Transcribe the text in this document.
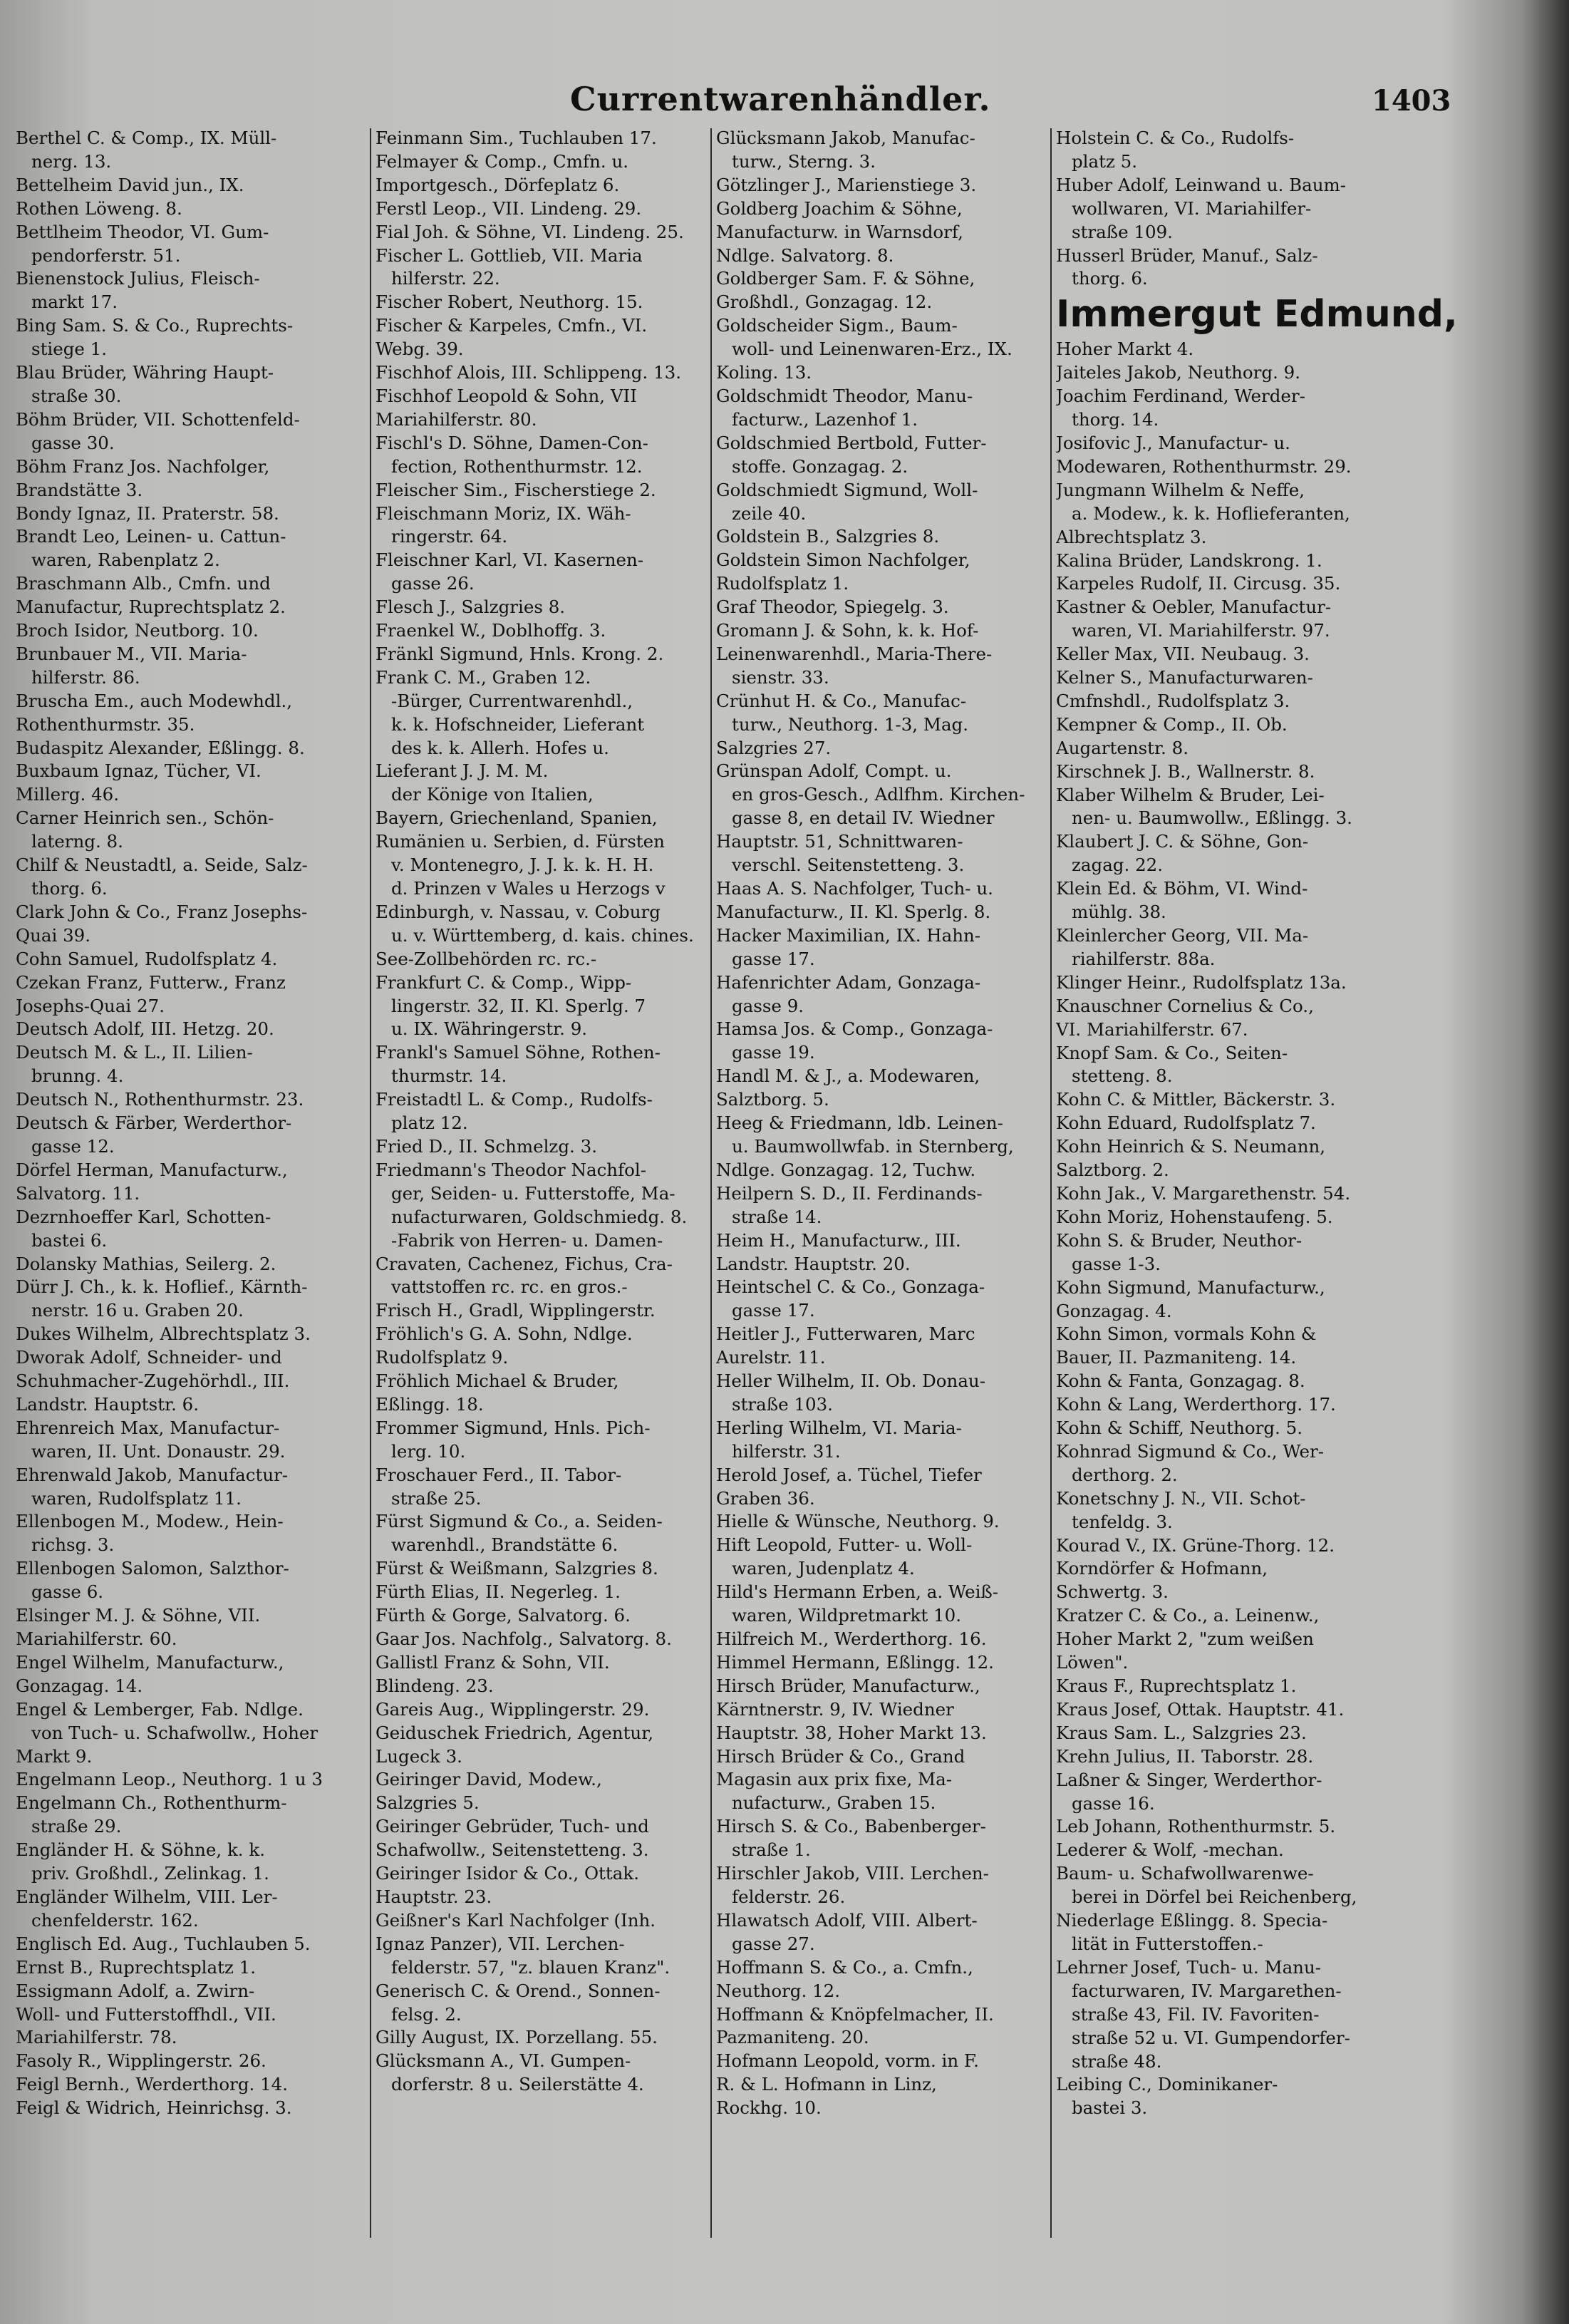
Currentwarenhändler.	1403
Berthel C. & Comp., IX. Müll-
nerg. 13.
Bettelheim David jun., IX.
Rothen Löweng. 8.
Bettlheim Theodor, VI. Gum-
pendorferstr. 51.
Bienenstock Julius, Fleisch-
markt 17.
Bing Sam. S. & Co., Ruprechts-
stiege 1.
Blau Brüder, Währing Haupt-
straße 30.
Böhm Brüder, VII. Schottenfeld-
gasse 30.
Böhm Franz Jos. Nachfolger,
Brandstätte 3.
Bondy Ignaz, II. Praterstr. 58.
Brandt Leo, Leinen- u. Cattun-
waren, Rabenplatz 2.
Braschmann Alb., Cmfn. und
Manufactur, Ruprechtsplatz 2.
Broch Isidor, Neutborg. 10.
Brunbauer M., VII. Maria-
hilferstr. 86.
Bruscha Em., auch Modewhdl.,
Rothenthurmstr. 35.
Budaspitz Alexander, Eßlingg. 8.
Buxbaum Ignaz, Tücher, VI.
Millerg. 46.
Carner Heinrich sen., Schön-
laterng. 8.
Chilf & Neustadtl, a. Seide, Salz-
thorg. 6.
Clark John & Co., Franz Josephs-
Quai 39.
Cohn Samuel, Rudolfsplatz 4.
Czekan Franz, Futterw., Franz
Josephs-Quai 27.
Deutsch Adolf, III. Hetzg. 20.
Deutsch M. & L., II. Lilien-
brunng. 4.
Deutsch N., Rothenthurmstr. 23.
Deutsch & Färber, Werderthor-
gasse 12.
Dörfel Herman, Manufacturw.,
Salvatorg. 11.
Dezrnhoeffer Karl, Schotten-
bastei 6.
Dolansky Mathias, Seilerg. 2.
Dürr J. Ch., k. k. Hoflief., Kärnth-
nerstr. 16 u. Graben 20.
Dukes Wilhelm, Albrechtsplatz 3.
Dworak Adolf, Schneider- und
Schuhmacher-Zugehörhdl., III.
Landstr. Hauptstr. 6.
Ehrenreich Max, Manufactur-
waren, II. Unt. Donaustr. 29.
Ehrenwald Jakob, Manufactur-
waren, Rudolfsplatz 11.
Ellenbogen M., Modew., Hein-
richsg. 3.
Ellenbogen Salomon, Salzthor-
gasse 6.
Elsinger M. J. & Söhne, VII.
Mariahilferstr. 60.
Engel Wilhelm, Manufacturw.,
Gonzagag. 14.
Engel & Lemberger, Fab. Ndlge.
von Tuch- u. Schafwollw., Hoher
Markt 9.
Engelmann Leop., Neuthorg. 1 u 3
Engelmann Ch., Rothenthurm-
straße 29.
Engländer H. & Söhne, k. k.
priv. Großhdl., Zelinkag. 1.
Engländer Wilhelm, VIII. Ler-
chenfelderstr. 162.
Englisch Ed. Aug., Tuchlauben 5.
Ernst B., Ruprechtsplatz 1.
Essigmann Adolf, a. Zwirn-
Woll- und Futterstoffhdl., VII.
Mariahilferstr. 78.
Fasoly R., Wipplingerstr. 26.
Feigl Bernh., Werderthorg. 14.
Feigl & Widrich, Heinrichsg. 3.
Feinmann Sim., Tuchlauben 17.
Felmayer & Comp., Cmfn. u.
Importgesch., Dörfeplatz 6.
Ferstl Leop., VII. Lindeng. 29.
Fial Joh. & Söhne, VI. Lindeng. 25.
Fischer L. Gottlieb, VII. Maria
hilferstr. 22.
Fischer Robert, Neuthorg. 15.
Fischer & Karpeles, Cmfn., VI.
Webg. 39.
Fischhof Alois, III. Schlippeng. 13.
Fischhof Leopold & Sohn, VII
Mariahilferstr. 80.
Fischl's D. Söhne, Damen-Con-
fection, Rothenthurmstr. 12.
Fleischer Sim., Fischerstiege 2.
Fleischmann Moriz, IX. Wäh-
ringerstr. 64.
Fleischner Karl, VI. Kasernen-
gasse 26.
Flesch J., Salzgries 8.
Fraenkel W., Doblhoffg. 3.
Fränkl Sigmund, Hnls. Krong. 2.
Frank C. M., Graben 12.
-Bürger, Currentwarenhdl.,
k. k. Hofschneider, Lieferant
des k. k. Allerh. Hofes u.
Lieferant J. J. M. M.
der Könige von Italien,
Bayern, Griechenland, Spanien,
Rumänien u. Serbien, d. Fürsten
v. Montenegro, J. J. k. k. H. H.
d. Prinzen v Wales u Herzogs v
Edinburgh, v. Nassau, v. Coburg
u. v. Württemberg, d. kais. chines.
See-Zollbehörden rc. rc.-
Frankfurt C. & Comp., Wipp-
lingerstr. 32, II. Kl. Sperlg. 7
u. IX. Währingerstr. 9.
Frankl's Samuel Söhne, Rothen-
thurmstr. 14.
Freistadtl L. & Comp., Rudolfs-
platz 12.
Fried D., II. Schmelzg. 3.
Friedmann's Theodor Nachfol-
ger, Seiden- u. Futterstoffe, Ma-
nufacturwaren, Goldschmiedg. 8.
-Fabrik von Herren- u. Damen-
Cravaten, Cachenez, Fichus, Cra-
vattstoffen rc. rc. en gros.-
Frisch H., Gradl, Wipplingerstr.
Fröhlich's G. A. Sohn, Ndlge.
Rudolfsplatz 9.
Fröhlich Michael & Bruder,
Eßlingg. 18.
Frommer Sigmund, Hnls. Pich-
lerg. 10.
Froschauer Ferd., II. Tabor-
straße 25.
Fürst Sigmund & Co., a. Seiden-
warenhdl., Brandstätte 6.
Fürst & Weißmann, Salzgries 8.
Fürth Elias, II. Negerleg. 1.
Fürth & Gorge, Salvatorg. 6.
Gaar Jos. Nachfolg., Salvatorg. 8.
Gallistl Franz & Sohn, VII.
Blindeng. 23.
Gareis Aug., Wipplingerstr. 29.
Geiduschek Friedrich, Agentur,
Lugeck 3.
Geiringer David, Modew.,
Salzgries 5.
Geiringer Gebrüder, Tuch- und
Schafwollw., Seitenstetteng. 3.
Geiringer Isidor & Co., Ottak.
Hauptstr. 23.
Geißner's Karl Nachfolger (Inh.
Ignaz Panzer), VII. Lerchen-
felderstr. 57, "z. blauen Kranz".
Generisch C. & Orend., Sonnen-
felsg. 2.
Gilly August, IX. Porzellang. 55.
Glücksmann A., VI. Gumpen-
dorferstr. 8 u. Seilerstätte 4.
Glücksmann Jakob, Manufac-
turw., Sterng. 3.
Götzlinger J., Marienstiege 3.
Goldberg Joachim & Söhne,
Manufacturw. in Warnsdorf,
Ndlge. Salvatorg. 8.
Goldberger Sam. F. & Söhne,
Großhdl., Gonzagag. 12.
Goldscheider Sigm., Baum-
woll- und Leinenwaren-Erz., IX.
Koling. 13.
Goldschmidt Theodor, Manu-
facturw., Lazenhof 1.
Goldschmied Bertbold, Futter-
stoffe. Gonzagag. 2.
Goldschmiedt Sigmund, Woll-
zeile 40.
Goldstein B., Salzgries 8.
Goldstein Simon Nachfolger,
Rudolfsplatz 1.
Graf Theodor, Spiegelg. 3.
Gromann J. & Sohn, k. k. Hof-
Leinenwarenhdl., Maria-There-
sienstr. 33.
Crünhut H. & Co., Manufac-
turw., Neuthorg. 1-3, Mag.
Salzgries 27.
Grünspan Adolf, Compt. u.
en gros-Gesch., Adlfhm. Kirchen-
gasse 8, en detail IV. Wiedner
Hauptstr. 51, Schnittwaren-
verschl. Seitenstetteng. 3.
Haas A. S. Nachfolger, Tuch- u.
Manufacturw., II. Kl. Sperlg. 8.
Hacker Maximilian, IX. Hahn-
gasse 17.
Hafenrichter Adam, Gonzaga-
gasse 9.
Hamsa Jos. & Comp., Gonzaga-
gasse 19.
Handl M. & J., a. Modewaren,
Salztborg. 5.
Heeg & Friedmann, ldb. Leinen-
u. Baumwollwfab. in Sternberg,
Ndlge. Gonzagag. 12, Tuchw.
Heilpern S. D., II. Ferdinands-
straße 14.
Heim H., Manufacturw., III.
Landstr. Hauptstr. 20.
Heintschel C. & Co., Gonzaga-
gasse 17.
Heitler J., Futterwaren, Marc
Aurelstr. 11.
Heller Wilhelm, II. Ob. Donau-
straße 103.
Herling Wilhelm, VI. Maria-
hilferstr. 31.
Herold Josef, a. Tüchel, Tiefer
Graben 36.
Hielle & Wünsche, Neuthorg. 9.
Hift Leopold, Futter- u. Woll-
waren, Judenplatz 4.
Hild's Hermann Erben, a. Weiß-
waren, Wildpretmarkt 10.
Hilfreich M., Werderthorg. 16.
Himmel Hermann, Eßlingg. 12.
Hirsch Brüder, Manufacturw.,
Kärntnerstr. 9, IV. Wiedner
Hauptstr. 38, Hoher Markt 13.
Hirsch Brüder & Co., Grand
Magasin aux prix fixe, Ma-
nufacturw., Graben 15.
Hirsch S. & Co., Babenberger-
straße 1.
Hirschler Jakob, VIII. Lerchen-
felderstr. 26.
Hlawatsch Adolf, VIII. Albert-
gasse 27.
Hoffmann S. & Co., a. Cmfn.,
Neuthorg. 12.
Hoffmann & Knöpfelmacher, II.
Pazmaniteng. 20.
Hofmann Leopold, vorm. in F.
R. & L. Hofmann in Linz,
Rockhg. 10.
Holstein C. & Co., Rudolfs-
platz 5.
Huber Adolf, Leinwand u. Baum-
wollwaren, VI. Mariahilfer-
straße 109.
Husserl Brüder, Manuf., Salz-
thorg. 6.
Immergut Edmund,
Hoher Markt 4.
Jaiteles Jakob, Neuthorg. 9.
Joachim Ferdinand, Werder-
thorg. 14.
Josifovic J., Manufactur- u.
Modewaren, Rothenthurmstr. 29.
Jungmann Wilhelm & Neffe,
a. Modew., k. k. Hoflieferanten,
Albrechtsplatz 3.
Kalina Brüder, Landskrong. 1.
Karpeles Rudolf, II. Circusg. 35.
Kastner & Oebler, Manufactur-
waren, VI. Mariahilferstr. 97.
Keller Max, VII. Neubaug. 3.
Kelner S., Manufacturwaren-
Cmfnshdl., Rudolfsplatz 3.
Kempner & Comp., II. Ob.
Augartenstr. 8.
Kirschnek J. B., Wallnerstr. 8.
Klaber Wilhelm & Bruder, Lei-
nen- u. Baumwollw., Eßlingg. 3.
Klaubert J. C. & Söhne, Gon-
zagag. 22.
Klein Ed. & Böhm, VI. Wind-
mühlg. 38.
Kleinlercher Georg, VII. Ma-
riahilferstr. 88a.
Klinger Heinr., Rudolfsplatz 13a.
Knauschner Cornelius & Co.,
VI. Mariahilferstr. 67.
Knopf Sam. & Co., Seiten-
stetteng. 8.
Kohn C. & Mittler, Bäckerstr. 3.
Kohn Eduard, Rudolfsplatz 7.
Kohn Heinrich & S. Neumann,
Salztborg. 2.
Kohn Jak., V. Margarethenstr. 54.
Kohn Moriz, Hohenstaufeng. 5.
Kohn S. & Bruder, Neuthor-
gasse 1-3.
Kohn Sigmund, Manufacturw.,
Gonzagag. 4.
Kohn Simon, vormals Kohn &
Bauer, II. Pazmaniteng. 14.
Kohn & Fanta, Gonzagag. 8.
Kohn & Lang, Werderthorg. 17.
Kohn & Schiff, Neuthorg. 5.
Kohnrad Sigmund & Co., Wer-
derthorg. 2.
Konetschny J. N., VII. Schot-
tenfeldg. 3.
Kourad V., IX. Grüne-Thorg. 12.
Korndörfer & Hofmann,
Schwertg. 3.
Kratzer C. & Co., a. Leinenw.,
Hoher Markt 2, "zum weißen
Löwen".
Kraus F., Ruprechtsplatz 1.
Kraus Josef, Ottak. Hauptstr. 41.
Kraus Sam. L., Salzgries 23.
Krehn Julius, II. Taborstr. 28.
Laßner & Singer, Werderthor-
gasse 16.
Leb Johann, Rothenthurmstr. 5.
Lederer & Wolf, -mechan.
Baum- u. Schafwollwarenwe-
berei in Dörfel bei Reichenberg,
Niederlage Eßlingg. 8. Specia-
lität in Futterstoffen.-
Lehrner Josef, Tuch- u. Manu-
facturwaren, IV. Margarethen-
straße 43, Fil. IV. Favoriten-
straße 52 u. VI. Gumpendorfer-
straße 48.
Leibing C., Dominikaner-
bastei 3.
